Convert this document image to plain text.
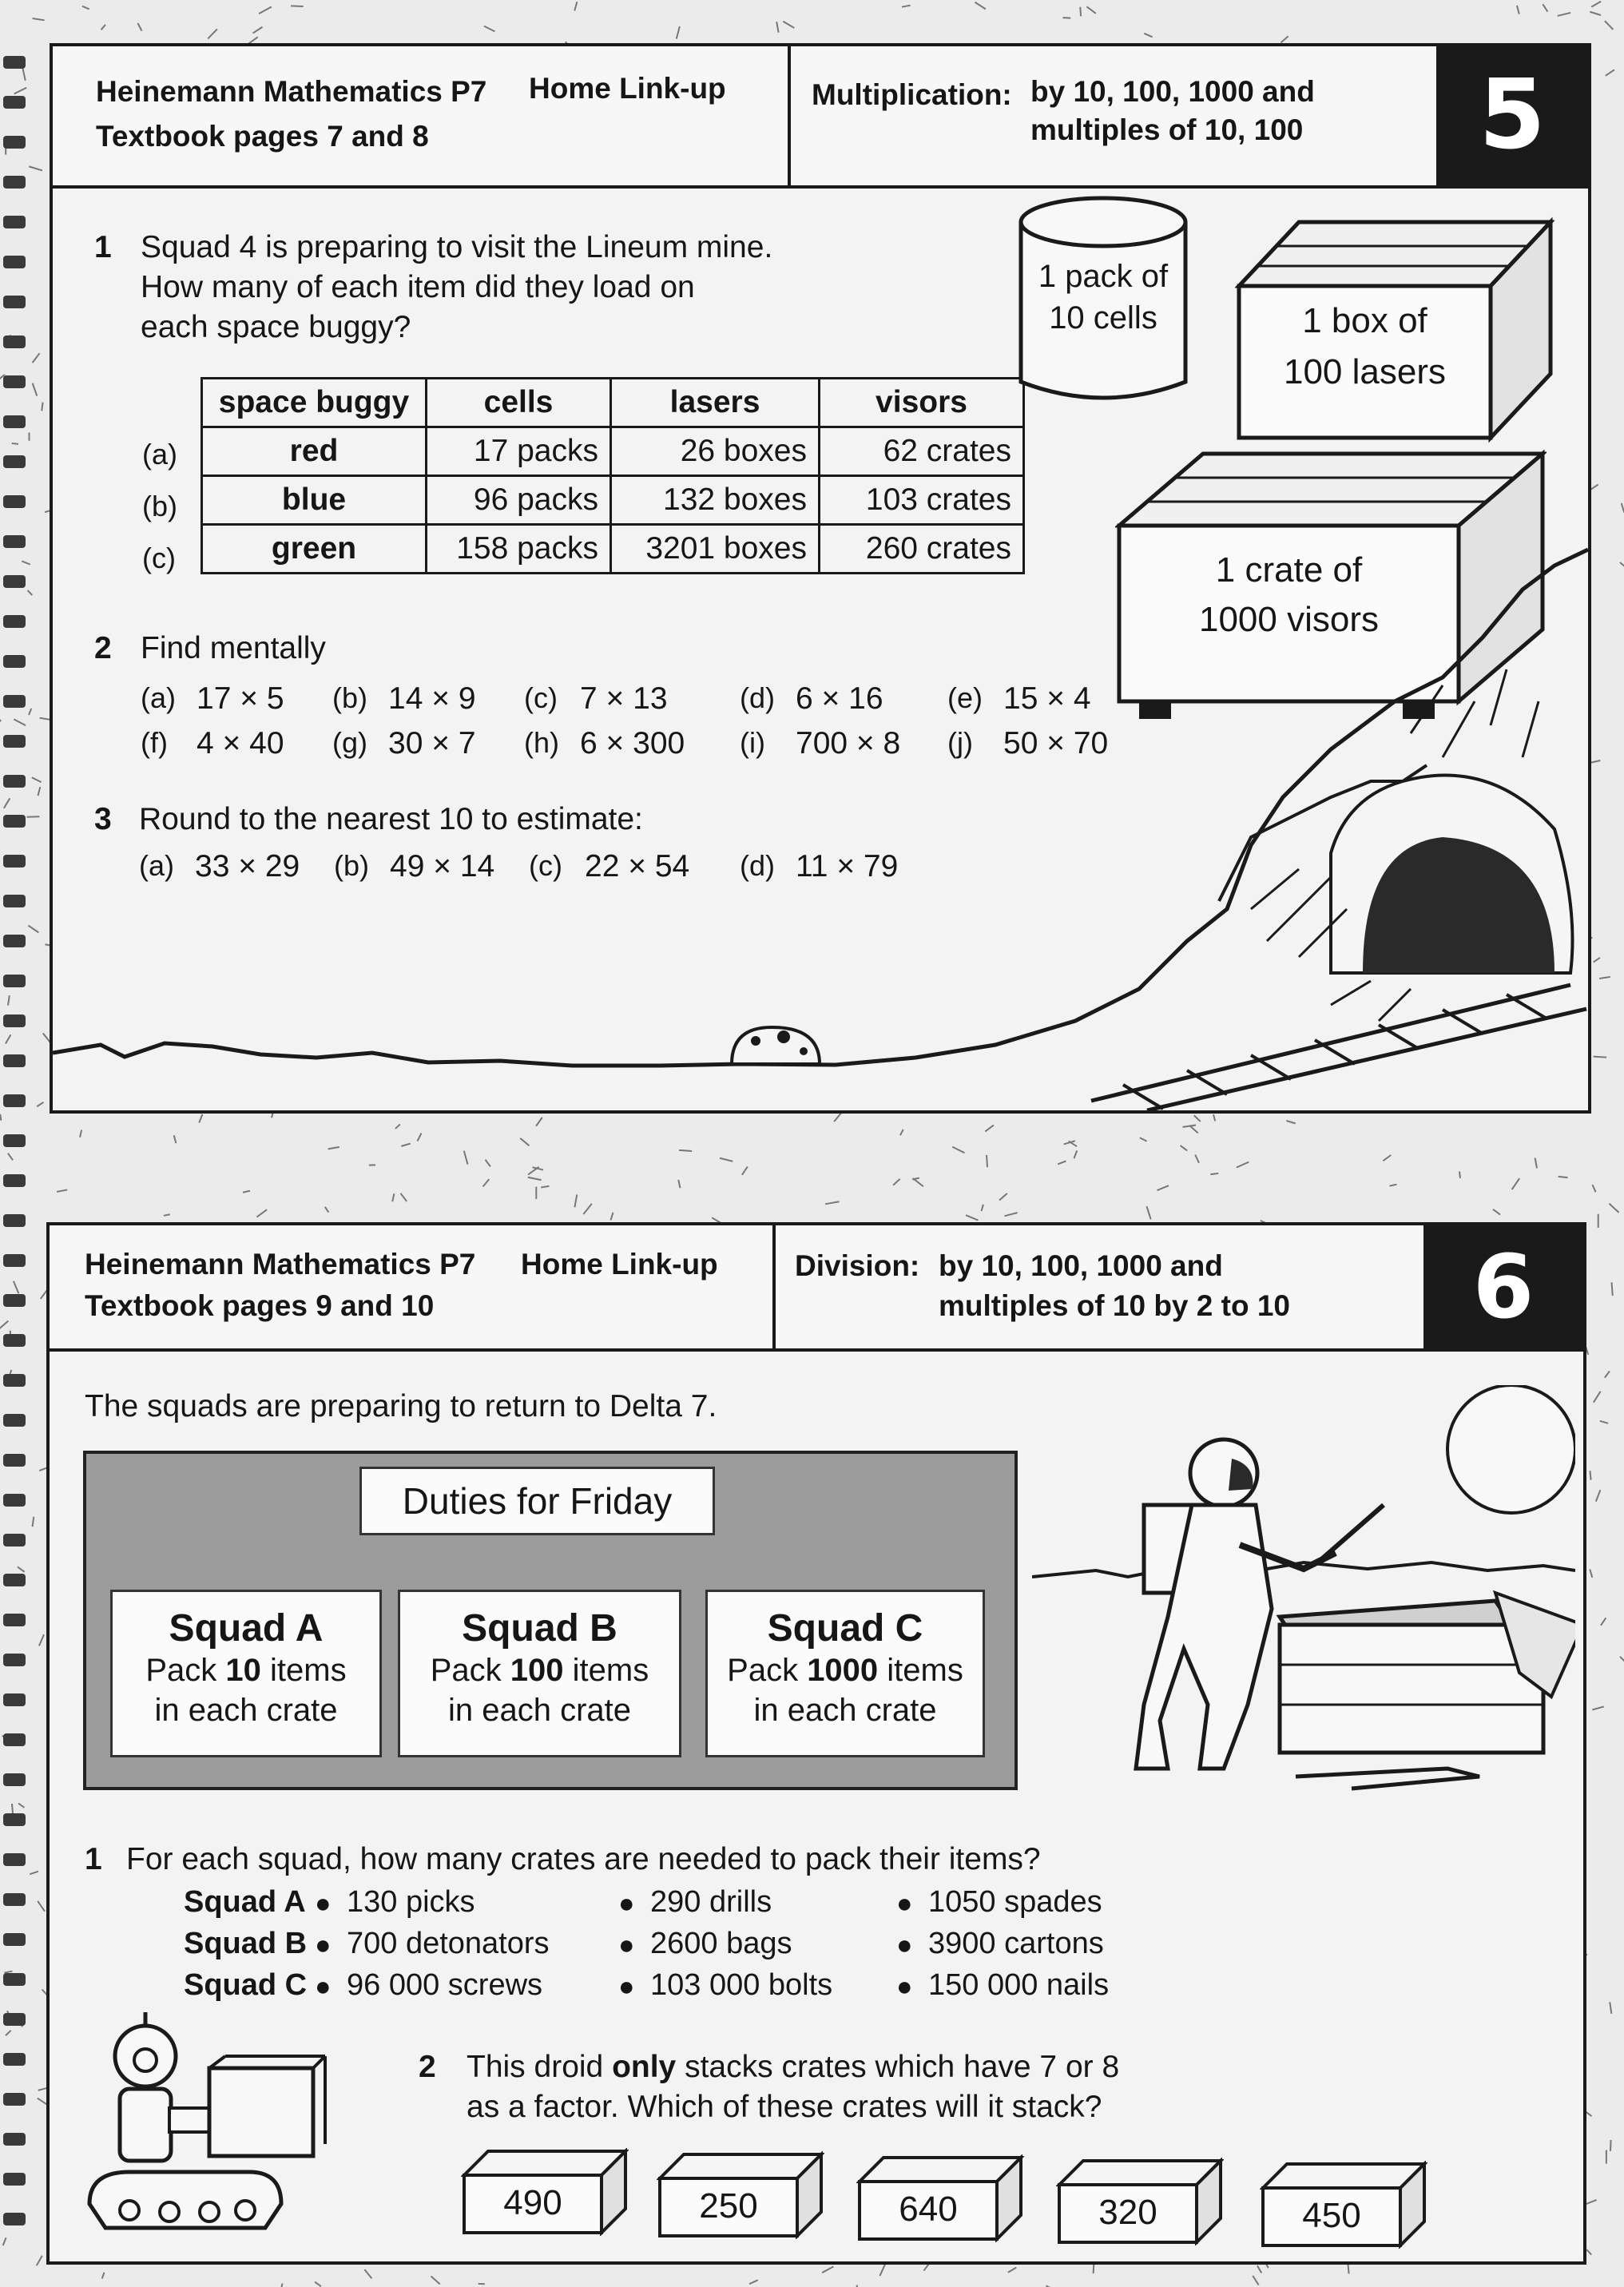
Heinemann Mathematics P7 Home Link-up
Textbook pages 7 and 8
Multiplication: by 10, 100, 1000 and
multiples of 10, 100	5
1 Squad 4 is preparing to visit the Lineum mine.
How many of each item did they load on
each space buggy?
(a)
(b)
(c)
space buggy	cells	lasers	visors
red	17 packs	26 boxes	62 crates
blue	96 packs	132 boxes	103 crates
green	158 packs	3201 boxes	260 crates
1 pack of
10 cells	1 box of
100 lasers
1 crate of
1000 visors
2 Find mentally
(a) 17 × 5 (b) 14 × 9 (c) 7 × 13	(d) 6 × 16 (e) 15 × 4
(f) 4 × 40 (g) 30 × 7 (h) 6 × 300 (i) 700 × 8 (j) 50 × 70
3 Round to the nearest 10 to estimate:
(a) 33 × 29 (b) 49 × 14 (c) 22 × 54 (d) 11 × 79
Heinemann Mathematics P7 Home Link-up
Textbook pages 9 and 10
Division: by 10, 100, 1000 and
multiples of 10 by 2 to 10	6
The squads are preparing to return to Delta 7.
Duties for Friday
Squad A
Pack 10 items
in each crate
Squad B
Pack 100 items
in each crate
Squad C
Pack 1000 items
in each crate
1 For each squad, how many crates are needed to pack their items?
Squad A ● 130 picks	● 290 drills	● 1050 spades
Squad B ● 700 detonators	● 2600 bags	● 3900 cartons
Squad C ● 96 000 screws	● 103 000 bolts ● 150 000 nails
2 This droid only stacks crates which have 7 or 8
as a factor. Which of these crates will it stack?
490	250	640	320	450
